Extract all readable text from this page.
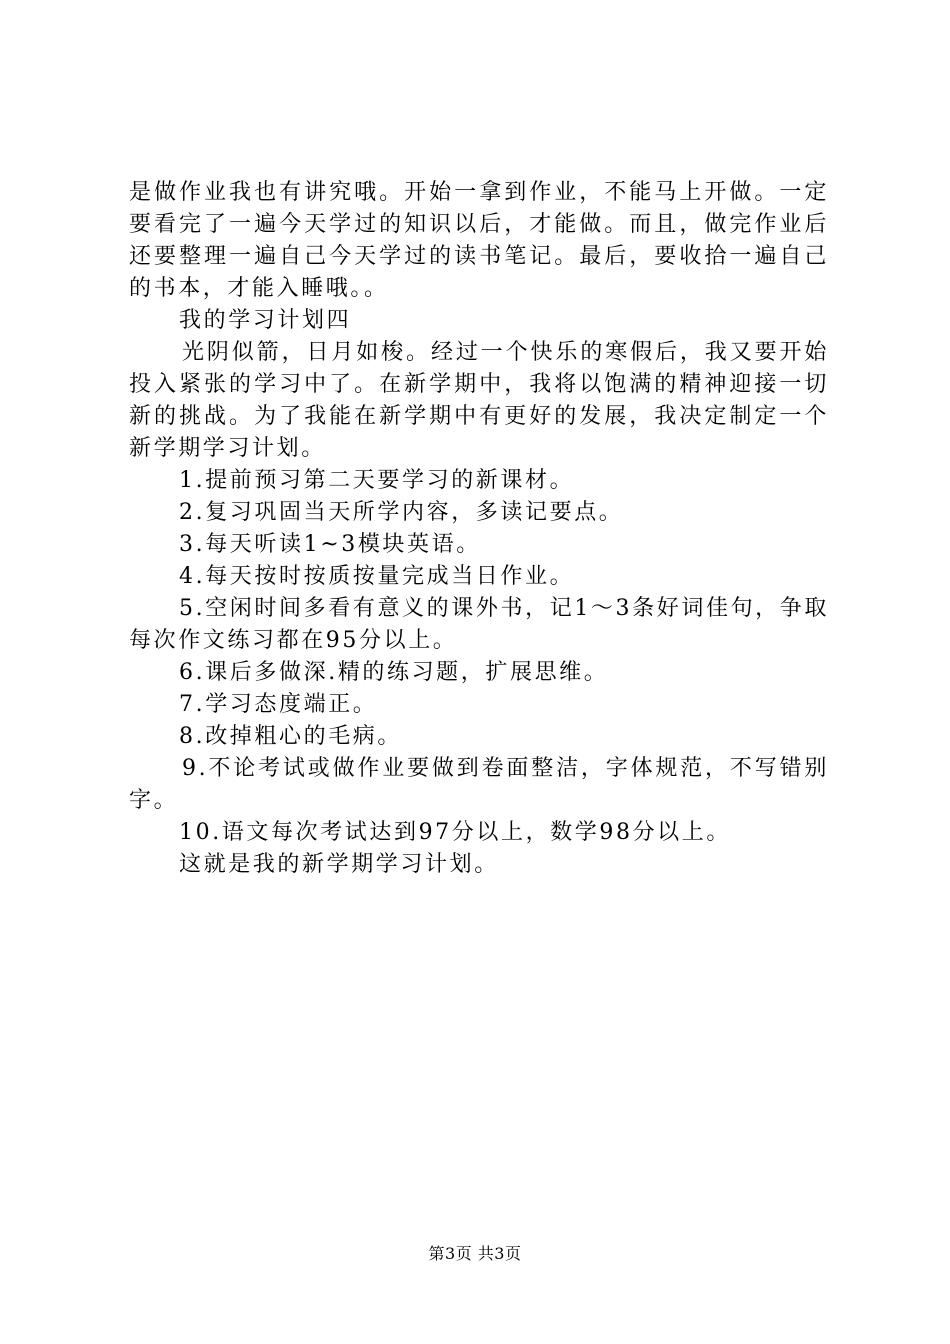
是做作业我也有讲究哦。开始一拿到作业，不能马上开做。一定要看完了一遍今天学过的知识以后，才能做。而且，做完作业后还要整理一遍自己今天学过的读书笔记。最后，要收拾一遍自己的书本，才能入睡哦。。

我的学习计划四

光阴似箭，日月如梭。经过一个快乐的寒假后，我又要开始投入紧张的学习中了。在新学期中，我将以饱满的精神迎接一切新的挑战。为了我能在新学期中有更好的发展，我决定制定一个新学期学习计划。

1.提前预习第二天要学习的新课材。

2.复习巩固当天所学内容，多读记要点。

3.每天听读1~3模块英语。

4.每天按时按质按量完成当日作业。

5.空闲时间多看有意义的课外书，记1～3条好词佳句，争取每次作文练习都在95分以上。

6.课后多做深.精的练习题，扩展思维。

7.学习态度端正。

8.改掉粗心的毛病。

9.不论考试或做作业要做到卷面整洁，字体规范，不写错别字。

10.语文每次考试达到97分以上，数学98分以上。

这就是我的新学期学习计划。

第3页 共3页
